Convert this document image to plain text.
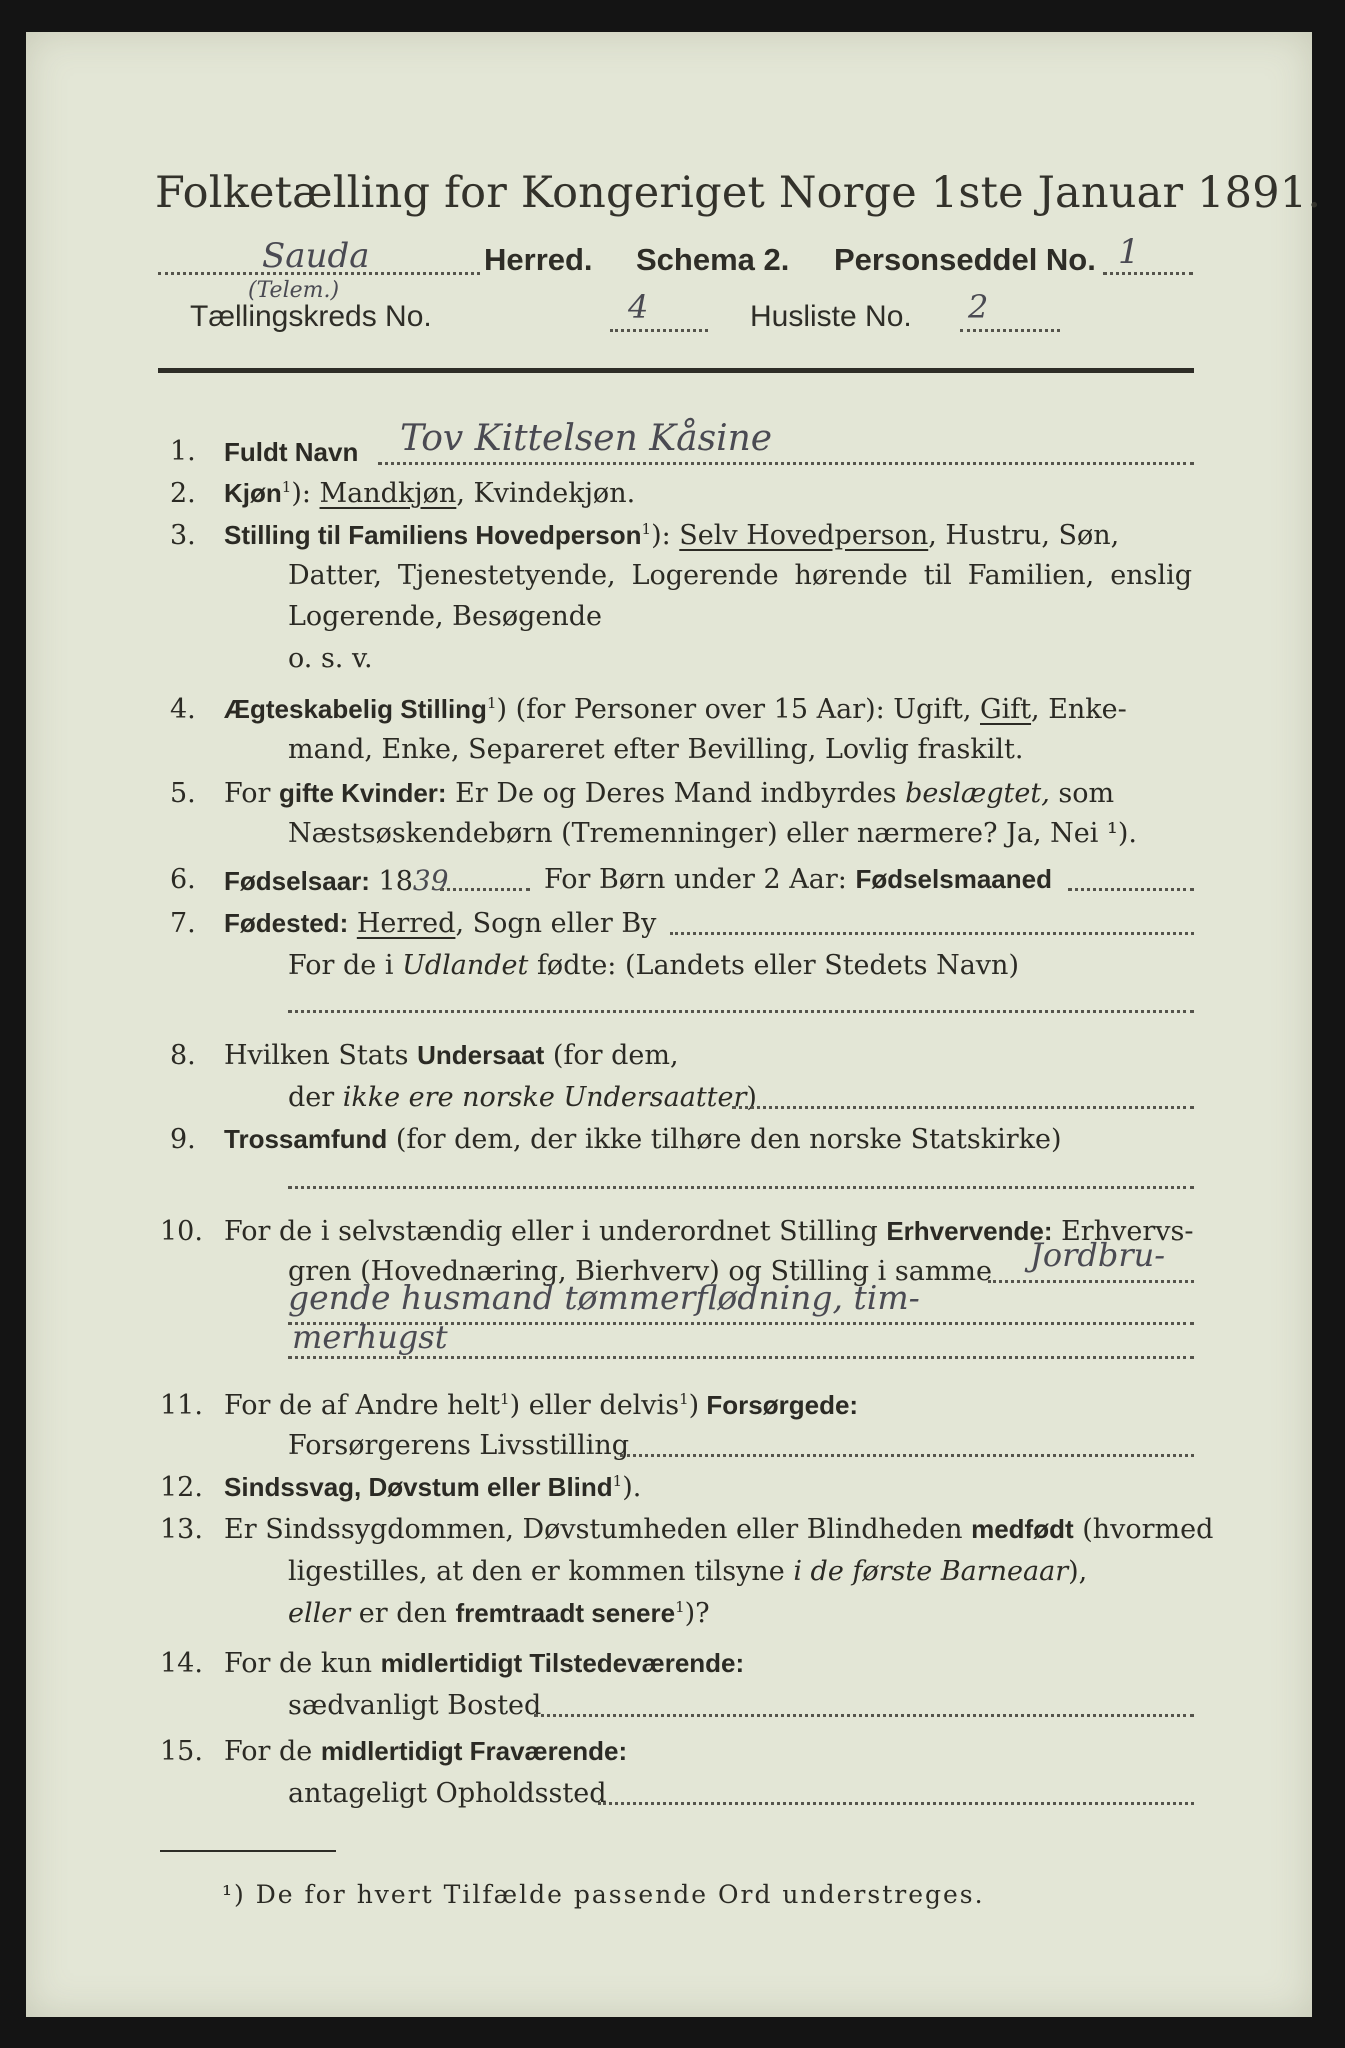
Folketælling for Kongeriget Norge 1ste Januar 1891.
Sauda	Herred. Schema 2. Personseddel No. 1
(Telem.)
Tællingskreds No.	4	Husliste No. 2
1. Fuldt Navn Tov Kittelsen Kåsine
2. Kjøn$^1$): Mandkjøn, Kvindekjøn.
3. Stilling til Familiens Hovedperson$^1$): Selv Hovedperson, Hustru, Søn,
Datter, Tjenestetyende, Logerende hørende til Familien, enslig
Logerende, Besøgende
o. s. v.
4. Ægteskabelig Stilling$^1$) (for Personer over 15 Aar): Ugift, Gift, Enke-
mand, Enke, Separeret efter Bevilling, Lovlig fraskilt.
5. For gifte Kvinder: Er De og Deres Mand indbyrdes beslægtet, som
Næstsøskendebørn (Tremenninger) eller nærmere? Ja, Nei ¹).
6. Fødselsaar: 1839	For Børn under 2 Aar: Fødselsmaaned
7. Fødested: Herred, Sogn eller By
For de i Udlandet fødte: (Landets eller Stedets Navn)
8. Hvilken Stats Undersaat (for dem,
der ikke ere norske Undersaatter)
9. Trossamfund (for dem, der ikke tilhøre den norske Statskirke)
10. For de i selvstændig eller i underordnet Stilling Erhvervende: Erhvervs-
gren (Hovednæring, Bierhverv) og Stilling i samme Jordbru-
gende husmand tømmerflødning, tim-
merhugst
11. For de af Andre helt$^1$) eller delvis$^1$) Forsørgede:
Forsørgerens Livsstilling
12. Sindssvag, Døvstum eller Blind$^1$).
13. Er Sindssygdommen, Døvstumheden eller Blindheden medfødt (hvormed
ligestilles, at den er kommen tilsyne i de første Barneaar),
eller er den fremtraadt senere$^1$)?
14. For de kun midlertidigt Tilstedeværende:
sædvanligt Bosted
15. For de midlertidigt Fraværende:
antageligt Opholdssted
¹) De for hvert Tilfælde passende Ord understreges.
